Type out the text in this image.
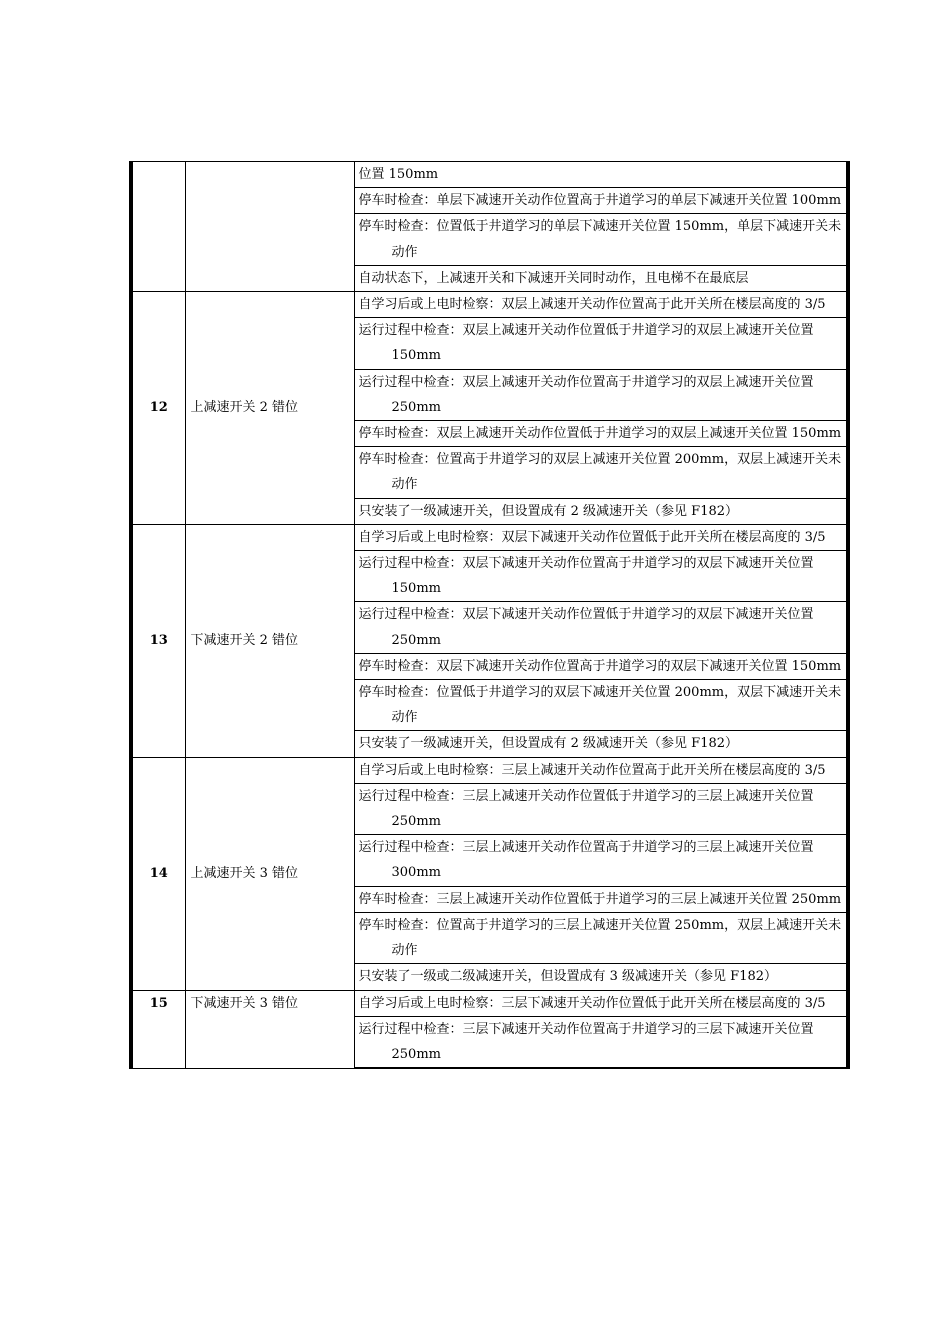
		位置 150mm
		停车时检查：单层下减速开关动作位置高于井道学习的单层下减速开关位置 100mm
		停车时检查：位置低于井道学习的单层下减速开关位置 150mm，单层下减速开关未动作
		自动状态下，上减速开关和下减速开关同时动作，且电梯不在最底层
12	上减速开关 2 错位	自学习后或上电时检察：双层上减速开关动作位置高于此开关所在楼层高度的 3/5
		运行过程中检查：双层上减速开关动作位置低于井道学习的双层上减速开关位置 150mm
		运行过程中检查：双层上减速开关动作位置高于井道学习的双层上减速开关位置 250mm
		停车时检查：双层上减速开关动作位置低于井道学习的双层上减速开关位置 150mm
		停车时检查：位置高于井道学习的双层上减速开关位置 200mm，双层上减速开关未动作
		只安装了一级减速开关，但设置成有 2 级减速开关（参见 F182）
13	下减速开关 2 错位	自学习后或上电时检察：双层下减速开关动作位置低于此开关所在楼层高度的 3/5
		运行过程中检查：双层下减速开关动作位置高于井道学习的双层下减速开关位置 150mm
		运行过程中检查：双层下减速开关动作位置低于井道学习的双层下减速开关位置 250mm
		停车时检查：双层下减速开关动作位置高于井道学习的双层下减速开关位置 150mm
		停车时检查：位置低于井道学习的双层下减速开关位置 200mm，双层下减速开关未动作
		只安装了一级减速开关，但设置成有 2 级减速开关（参见 F182）
14	上减速开关 3 错位	自学习后或上电时检察：三层上减速开关动作位置高于此开关所在楼层高度的 3/5
		运行过程中检查：三层上减速开关动作位置低于井道学习的三层上减速开关位置 250mm
		运行过程中检查：三层上减速开关动作位置高于井道学习的三层上减速开关位置 300mm
		停车时检查：三层上减速开关动作位置低于井道学习的三层上减速开关位置 250mm
		停车时检查：位置高于井道学习的三层上减速开关位置 250mm，双层上减速开关未动作
		只安装了一级或二级减速开关，但设置成有 3 级减速开关（参见 F182）
15	下减速开关 3 错位	自学习后或上电时检察：三层下减速开关动作位置低于此开关所在楼层高度的 3/5
		运行过程中检查：三层下减速开关动作位置高于井道学习的三层下减速开关位置 250mm
